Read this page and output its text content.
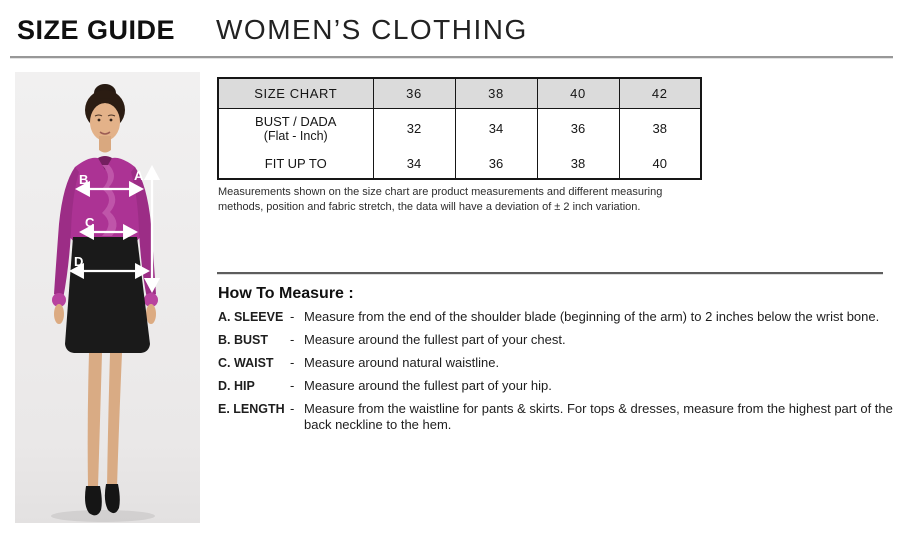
SIZE GUIDE WOMEN’S CLOTHING
A
B
C
D
SIZE CHART	36	38	40	42

BUST / DADA
(Flat - Inch)	32	34	36	38
FIT UP TO	34	36	38	40
Measurements shown on the size chart are product measurements and different measuring methods, position and fabric stretch, the data will have a deviation of ± 2 inch variation.
How To Measure :
A. SLEEVE - Measure from the end of the shoulder blade (beginning of the arm) to 2 inches below the wrist bone.
B. BUST	- Measure around the fullest part of your chest.
C. WAIST	- Measure around natural waistline.
D. HIP	- Measure around the fullest part of your hip.
E. LENGTH - Measure from the waistline for pants & skirts. For tops & dresses, measure from the highest part of the back neckline to the hem.
